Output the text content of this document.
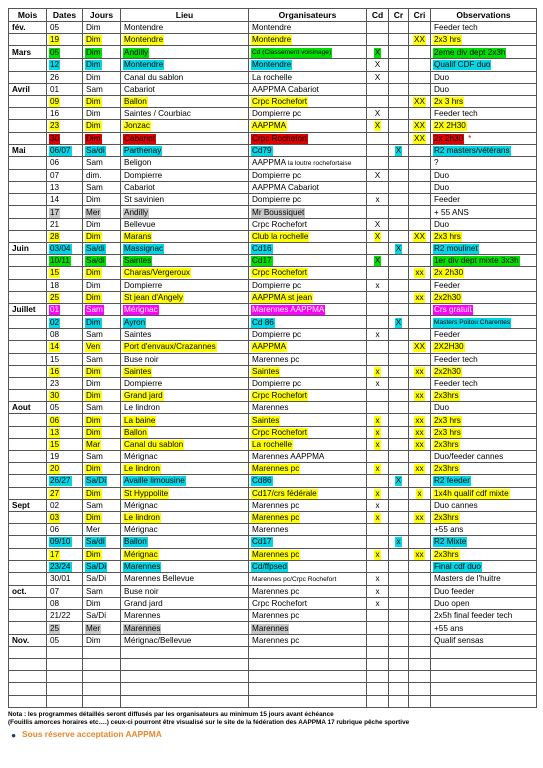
Mois	Dates	Jours	Lieu	Organisateurs	Cd	Cr	Cri	Observations
fév.	05	Dim	Montendre	Montendre				Feeder tech
	19	Dim	Montendre	Montendre			XX	2x3 hrs
Mars	05	Dim	Andilly	Cd (Classement voisinage)	X			2eme div dept 2x3h
	12	Dim	Montendre	Montendre	X			Qualif CDF duo
	26	Dim	Canal du sablon	La rochelle	X			Duo
Avril	01	Sam	Cabariot	AAPPMA Cabariot				Duo
	09	Dim	Ballon	Crpc Rochefort			XX	2x 3 hrs
	16	Dim	Saintes / Courbiac	Dompierre pc	X			Feeder tech
	23	Dim	Jonzac	AAPPMA	X		XX	2X 2H30
	30	Dim	Cabariot	Crpc Rochefort			XX	2x 2h30 *
Mai	06/07	Sa/di	Parthenay	Cd79		X		R2 masters/vétérans
	06	Sam	Beligon	AAPPMA la loutre rochefortaise				?
	07	dim.	Dompierre	Dompierre pc	X			Duo
	13	Sam	Cabariot	AAPPMA Cabariot				Duo
	14	Dim	St savinien	Dompierre pc	x			Feeder
	17	Mer	Andilly	Mr Boussiquet				+ 55 ANS
	21	Dim	Bellevue	Crpc Rochefort	X			Duo
	28	Dim	Marans	Club la rochelle	X		XX	2x3 hrs
Juin	03/04	Sa/di	Massignac	Cd16		X		R2 moulinet
	10/11	Sa/di	Saintes	Cd17	X			1er div dept mixte 3x3h
	15	Dim	Charas/Vergeroux	Crpc Rochefort			xx	2x 2h30
	18	Dim	Dompierre	Dompierre pc	x			Feeder
	25	Dim	St jean d'Angely	AAPPMA st jean			xx	2x2h30
Juillet	01	Sam	Mérignac	Marennes AAPPMA				Crs gratuit
	02	Dim	Ayron	Cd 86		X		Masters Poitou Charentes
	08	Sam	Saintes	Dompierre pc	x			Feeder
	14	Ven	Port d'envaux/Crazannes	AAPPMA			XX	2X2H30
	15	Sam	Buse noir	Marennes pc				Feeder tech
	16	Dim	Saintes	Saintes	x		xx	2x2h30
	23	Dim	Dompierre	Dompierre pc	x			Feeder tech
	30	Dim	Grand jard	Crpc Rochefort			xx	2x3hrs
Aout	05	Sam	Le lindron	Marennes				Duo
	06	Dim	La baine	Saintes	x		xx	2x3 hrs
	13	Dim	Ballon	Crpc Rochefort	x		xx	2x3 hrs
	15	Mar	Canal du sablon	La rochelle	x		xx	2x3hrs
	19	Sam	Mérignac	Marennes AAPPMA				Duo/feeder cannes
	20	Dim	Le lindron	Marennes pc	x		xx	2x3hrs
	26/27	Sa/Di	Availle limousine	Cd86		X		R2 feeder
	27	Dim	St Hyppolite	Cd17/crs fédérale	x		x	1x4h qualif cdf mixte
Sept	02	Sam	Mérignac	Marennes pc	x			Duo cannes
	03	Dim	Le lindron	Marennes pc	x		xx	2x3hrs
	06	Mer	Mérignac	Marennes				+55 ans
	09/10	Sa/di	Ballon	Cd17		x		R2 Mixte
	17	Dim	Mérignac	Marennes pc	x		xx	2x3hrs
	23/24	Sa/Di	Marennes	Cd/ffpsed				Final cdf duo
	30/01	Sa/Di	Marennes Bellevue	Marennes pc/Crpc Rochefort	x			Masters de l'huitre
oct.	07	Sam	Buse noir	Marennes pc	x			Duo feeder
	08	Dim	Grand jard	Crpc Rochefort	x			Duo open
	21/22	Sa/Di	Marennes	Marennes pc				2x5h final feeder tech
	25	Mer	Marennes	Marennes				+55 ans
Nov.	05	Dim	Mérignac/Bellevue	Marennes pc				Qualif sensas

Nota : les programmes détaillés seront diffusés par les organisateurs au minimum 15 jours avant échéance
(Fouillis amorces horaires etc….) ceux-ci pourront être visualisé sur le site de la fédération des AAPPMA 17 rubrique pêche sportive
● Sous réserve acceptation AAPPMA
